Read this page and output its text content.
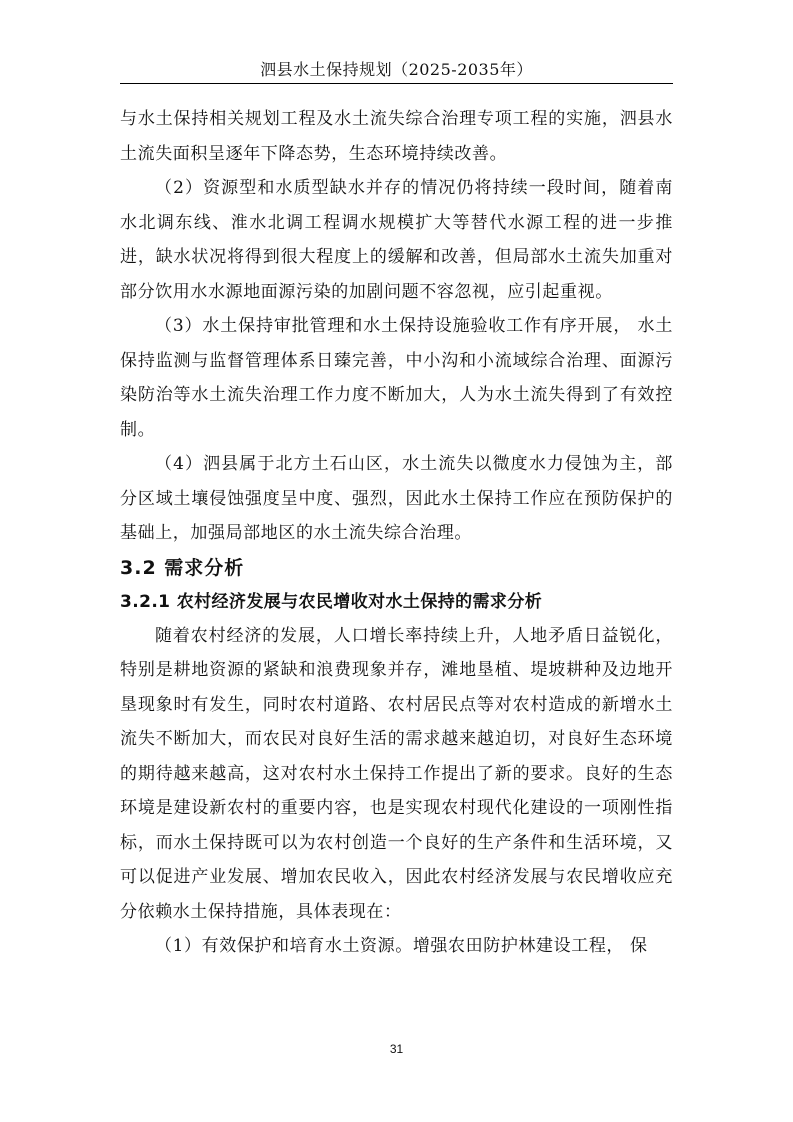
泗县水土保持规划（2025-2035年）

与水土保持相关规划工程及水土流失综合治理专项工程的实施，泗县水土流失面积呈逐年下降态势，生态环境持续改善。

（2）资源型和水质型缺水并存的情况仍将持续一段时间，随着南水北调东线、淮水北调工程调水规模扩大等替代水源工程的进一步推进，缺水状况将得到很大程度上的缓解和改善，但局部水土流失加重对部分饮用水水源地面源污染的加剧问题不容忽视，应引起重视。

（3）水土保持审批管理和水土保持设施验收工作有序开展， 水土保持监测与监督管理体系日臻完善，中小沟和小流域综合治理、面源污染防治等水土流失治理工作力度不断加大，人为水土流失得到了有效控制。

（4）泗县属于北方土石山区，水土流失以微度水力侵蚀为主，部分区域土壤侵蚀强度呈中度、强烈，因此水土保持工作应在预防保护的基础上，加强局部地区的水土流失综合治理。

3.2 需求分析
3.2.1 农村经济发展与农民增收对水土保持的需求分析

随着农村经济的发展，人口增长率持续上升，人地矛盾日益锐化，特别是耕地资源的紧缺和浪费现象并存，滩地垦植、堤坡耕种及边地开垦现象时有发生，同时农村道路、农村居民点等对农村造成的新增水土流失不断加大，而农民对良好生活的需求越来越迫切，对良好生态环境的期待越来越高，这对农村水土保持工作提出了新的要求。良好的生态环境是建设新农村的重要内容，也是实现农村现代化建设的一项刚性指标，而水土保持既可以为农村创造一个良好的生产条件和生活环境，又可以促进产业发展、增加农民收入，因此农村经济发展与农民增收应充分依赖水土保持措施，具体表现在：

（1）有效保护和培育水土资源。增强农田防护林建设工程， 保

31
